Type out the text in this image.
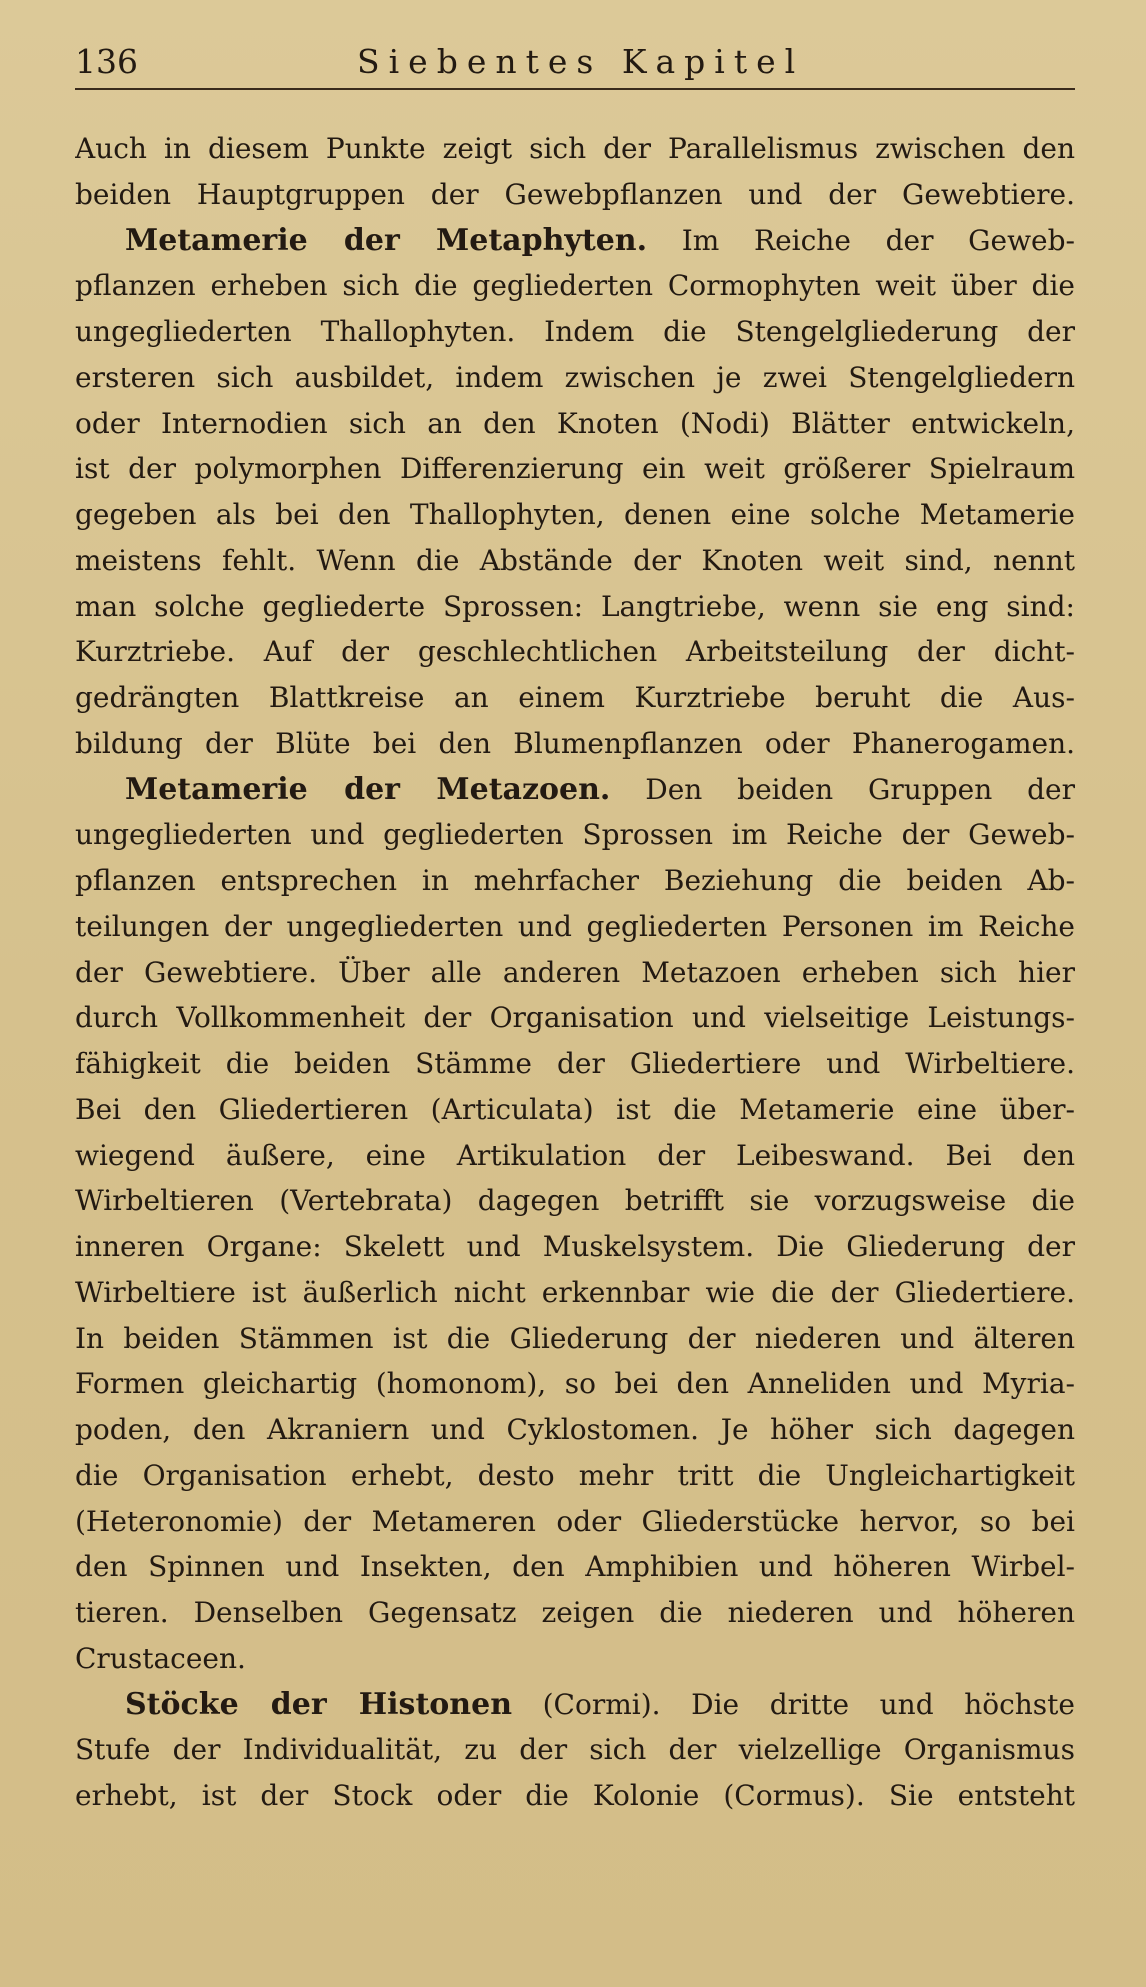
136	Siebentes Kapitel
Auch in diesem Punkte zeigt sich der Parallelismus zwischen den
beiden Hauptgruppen der Gewebpflanzen und der Gewebtiere.
Metamerie der Metaphyten. Im Reiche der Geweb-
pflanzen erheben sich die gegliederten Cormophyten weit über die
ungegliederten Thallophyten. Indem die Stengelgliederung der
ersteren sich ausbildet, indem zwischen je zwei Stengelgliedern
oder Internodien sich an den Knoten (Nodi) Blätter entwickeln,
ist der polymorphen Differenzierung ein weit größerer Spielraum
gegeben als bei den Thallophyten, denen eine solche Metamerie
meistens fehlt. Wenn die Abstände der Knoten weit sind, nennt
man solche gegliederte Sprossen: Langtriebe, wenn sie eng sind:
Kurztriebe. Auf der geschlechtlichen Arbeitsteilung der dicht-
gedrängten Blattkreise an einem Kurztriebe beruht die Aus-
bildung der Blüte bei den Blumenpflanzen oder Phanerogamen.
Metamerie der Metazoen. Den beiden Gruppen der
ungegliederten und gegliederten Sprossen im Reiche der Geweb-
pflanzen entsprechen in mehrfacher Beziehung die beiden Ab-
teilungen der ungegliederten und gegliederten Personen im Reiche
der Gewebtiere. Über alle anderen Metazoen erheben sich hier
durch Vollkommenheit der Organisation und vielseitige Leistungs-
fähigkeit die beiden Stämme der Gliedertiere und Wirbeltiere.
Bei den Gliedertieren (Articulata) ist die Metamerie eine über-
wiegend äußere, eine Artikulation der Leibeswand. Bei den
Wirbeltieren (Vertebrata) dagegen betrifft sie vorzugsweise die
inneren Organe: Skelett und Muskelsystem. Die Gliederung der
Wirbeltiere ist äußerlich nicht erkennbar wie die der Gliedertiere.
In beiden Stämmen ist die Gliederung der niederen und älteren
Formen gleichartig (homonom), so bei den Anneliden und Myria-
poden, den Akraniern und Cyklostomen. Je höher sich dagegen
die Organisation erhebt, desto mehr tritt die Ungleichartigkeit
(Heteronomie) der Metameren oder Gliederstücke hervor, so bei
den Spinnen und Insekten, den Amphibien und höheren Wirbel-
tieren. Denselben Gegensatz zeigen die niederen und höheren
Crustaceen.
Stöcke der Histonen (Cormi). Die dritte und höchste
Stufe der Individualität, zu der sich der vielzellige Organismus
erhebt, ist der Stock oder die Kolonie (Cormus). Sie entsteht
